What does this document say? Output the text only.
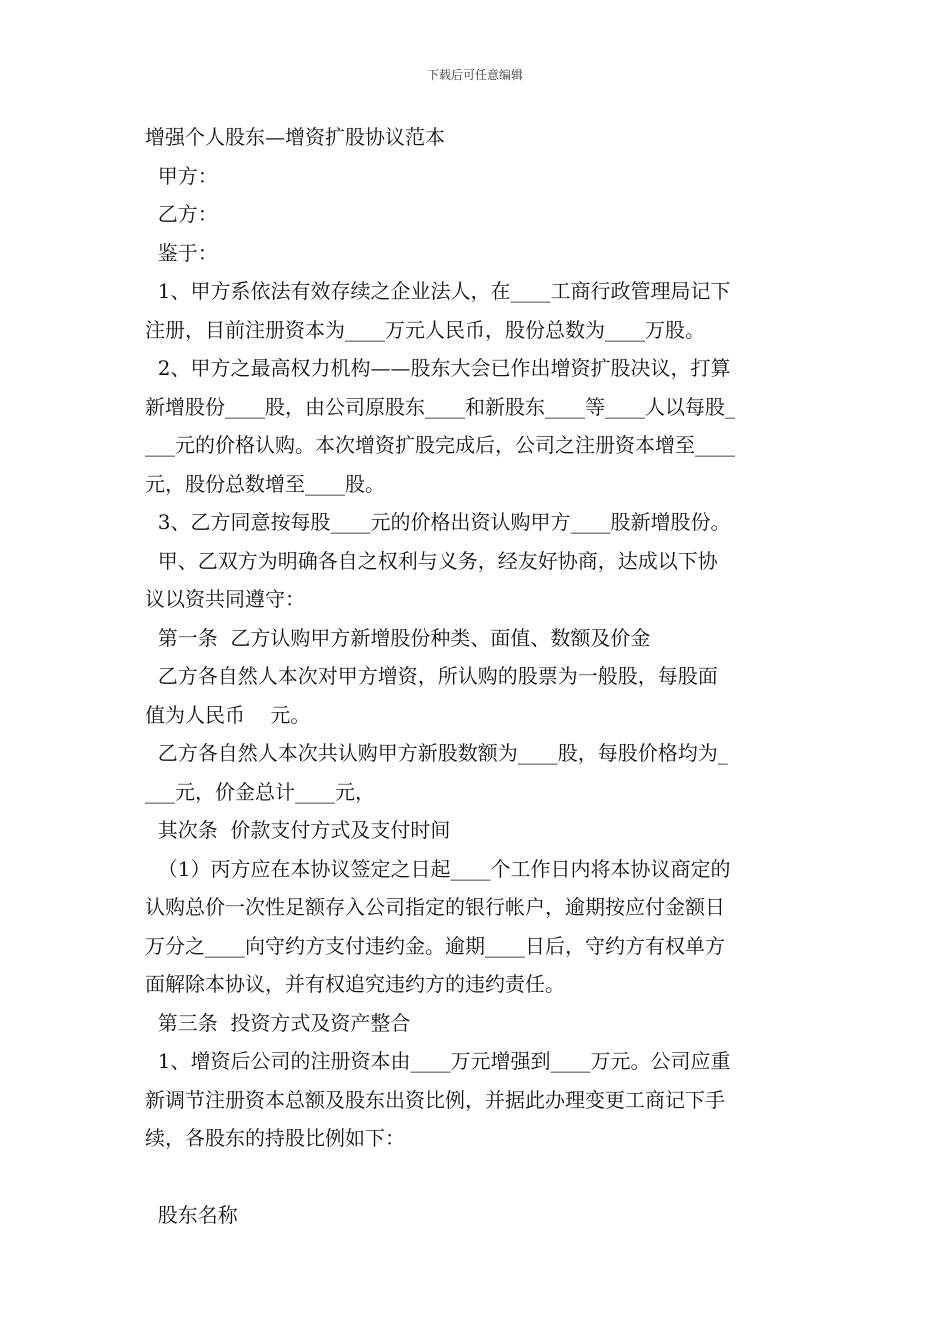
下载后可任意编辑

增强个人股东—增资扩股协议范本

甲方：

乙方：

鉴于：

1、甲方系依法有效存续之企业法人，在____工商行政管理局记下

注册，目前注册资本为____万元人民币，股份总数为____万股。

2、甲方之最高权力机构——股东大会已作出增资扩股决议，打算

新增股份____股，由公司原股东____和新股东____等____人以每股_

___元的价格认购。本次增资扩股完成后，公司之注册资本增至____

元，股份总数增至____股。

3、乙方同意按每股____元的价格出资认购甲方____股新增股份。

甲、乙双方为明确各自之权利与义务，经友好协商，达成以下协

议以资共同遵守：

第一条  乙方认购甲方新增股份种类、面值、数额及价金

乙方各自然人本次对甲方增资，所认购的股票为一般股，每股面

值为人民币    元。

乙方各自然人本次共认购甲方新股数额为____股，每股价格均为_

___元，价金总计____元，

其次条  价款支付方式及支付时间

（1）丙方应在本协议签定之日起____个工作日内将本协议商定的

认购总价一次性足额存入公司指定的银行帐户，逾期按应付金额日

万分之____向守约方支付违约金。逾期____日后，守约方有权单方

面解除本协议，并有权追究违约方的违约责任。

第三条  投资方式及资产整合

1、增资后公司的注册资本由____万元增强到____万元。公司应重

新调节注册资本总额及股东出资比例，并据此办理变更工商记下手

续，各股东的持股比例如下：

股东名称
